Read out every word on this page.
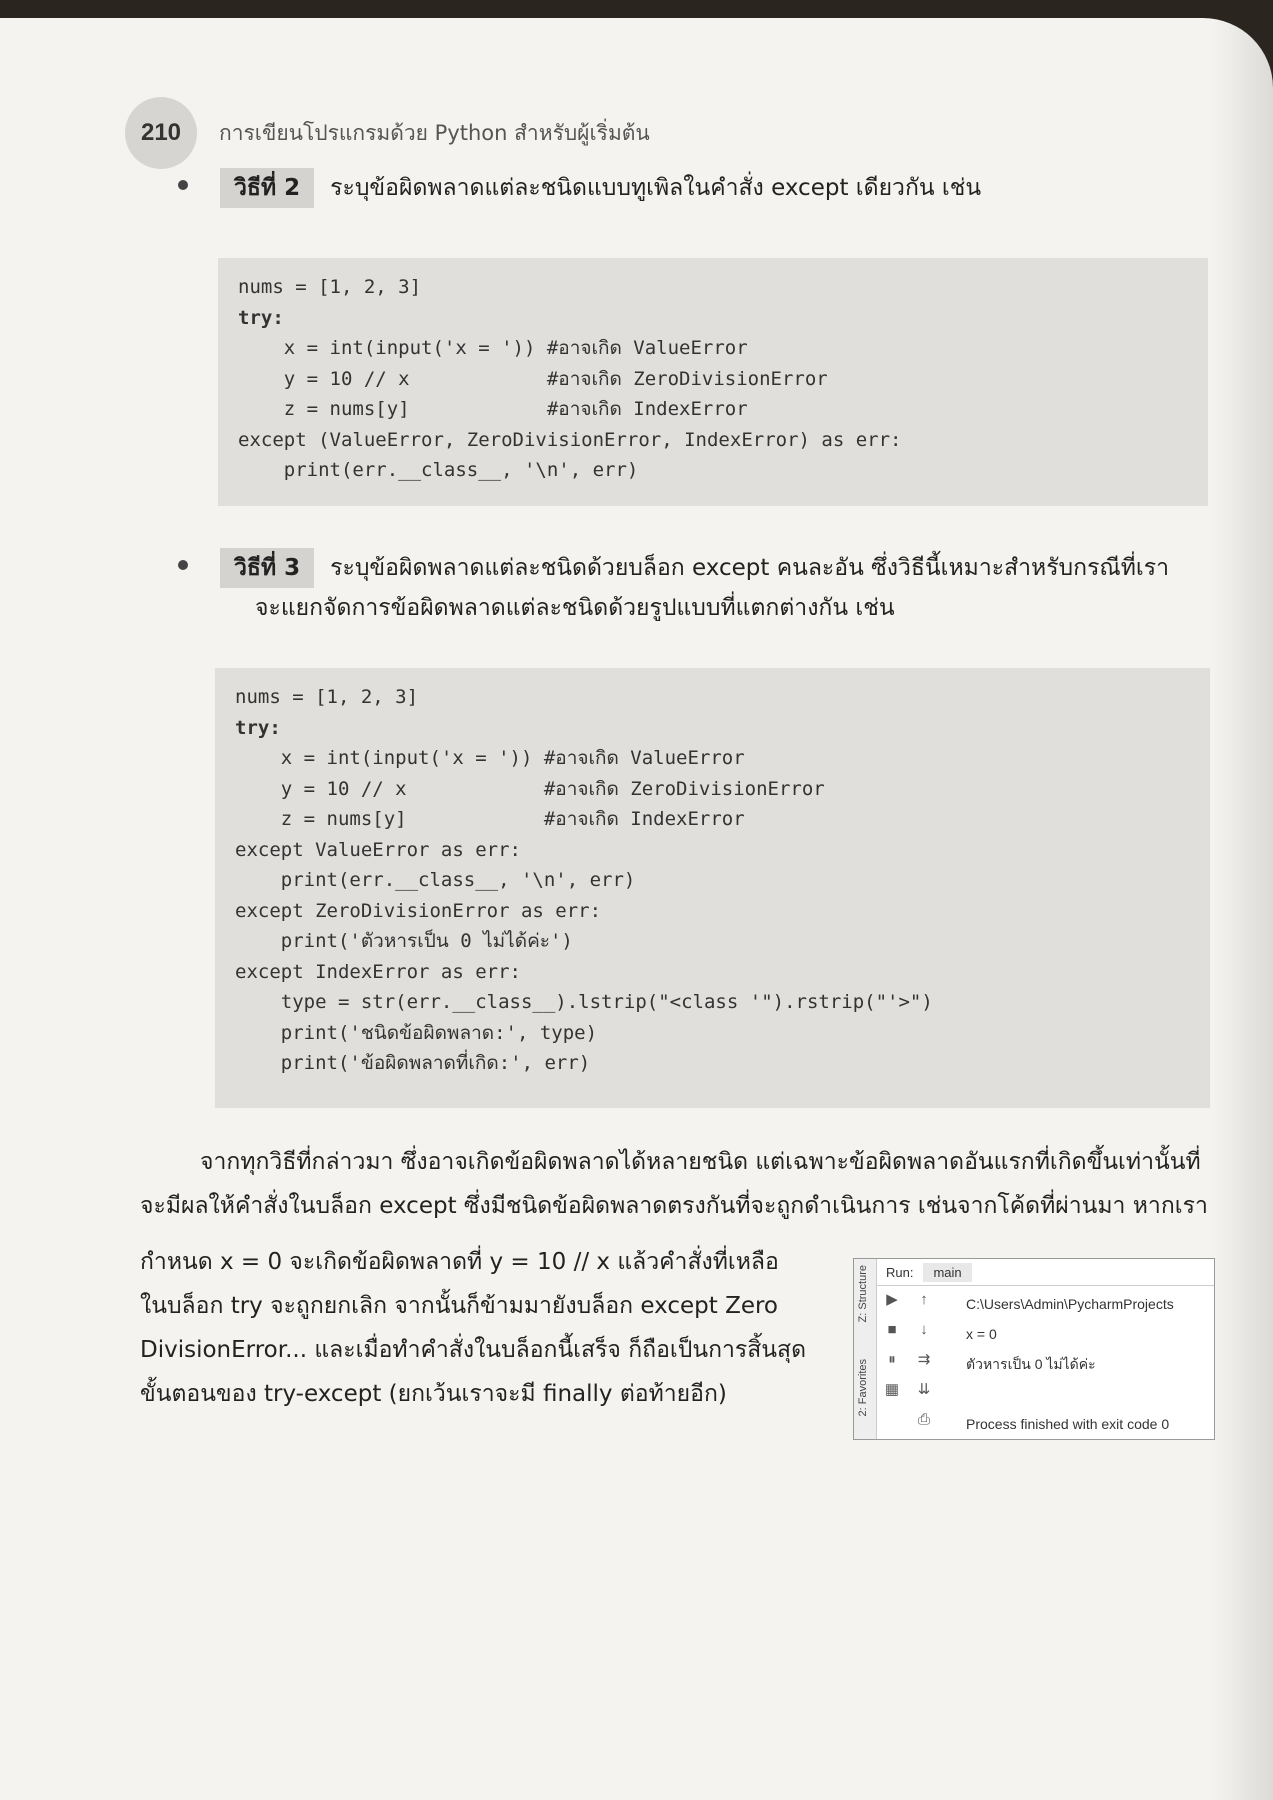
210	การเขียนโปรแกรมด้วย Python สำหรับผู้เริ่มต้น
วิธีที่ 2	ระบุข้อผิดพลาดแต่ละชนิดแบบทูเพิลในคำสั่ง except เดียวกัน เช่น
nums = [1, 2, 3]
try:
x = int(input('x = ')) #อาจเกิด ValueError
y = 10 // x            #อาจเกิด ZeroDivisionError
z = nums[y]            #อาจเกิด IndexError
except (ValueError, ZeroDivisionError, IndexError) as err:
print(err.__class__, '\n', err)
วิธีที่ 3	ระบุข้อผิดพลาดแต่ละชนิดด้วยบล็อก except คนละอัน ซึ่งวิธีนี้เหมาะสำหรับกรณีที่เรา
จะแยกจัดการข้อผิดพลาดแต่ละชนิดด้วยรูปแบบที่แตกต่างกัน เช่น
nums = [1, 2, 3]
try:
x = int(input('x = ')) #อาจเกิด ValueError
y = 10 // x            #อาจเกิด ZeroDivisionError
z = nums[y]            #อาจเกิด IndexError
except ValueError as err:
print(err.__class__, '\n', err)
except ZeroDivisionError as err:
print('ตัวหารเป็น 0 ไม่ได้ค่ะ')
except IndexError as err:
type = str(err.__class__).lstrip("<class '").rstrip("'>")
print('ชนิดข้อผิดพลาด:', type)
print('ข้อผิดพลาดที่เกิด:', err)
จากทุกวิธีที่กล่าวมา ซึ่งอาจเกิดข้อผิดพลาดได้หลายชนิด แต่เฉพาะข้อผิดพลาดอันแรกที่เกิดขึ้นเท่านั้นที่
จะมีผลให้คำสั่งในบล็อก except ซึ่งมีชนิดข้อผิดพลาดตรงกันที่จะถูกดำเนินการ เช่นจากโค้ดที่ผ่านมา หากเรา
กำหนด x = 0 จะเกิดข้อผิดพลาดที่ y = 10 // x แล้วคำสั่งที่เหลือ
ในบล็อก try จะถูกยกเลิก จากนั้นก็ข้ามมายังบล็อก except Zero
DivisionError... และเมื่อทำคำสั่งในบล็อกนี้เสร็จ ก็ถือเป็นการสิ้นสุด
ขั้นตอนของ try-except (ยกเว้นเราจะมี finally ต่อท้ายอีก)
Z: Structure
2: Favorites
Run:	main
▶
■
⏸
▦
↑
↓
⇉
⇊
⎙
C:\Users\Admin\PycharmProjects
x = 0
ตัวหารเป็น 0 ไม่ได้ค่ะ

Process finished with exit code 0
